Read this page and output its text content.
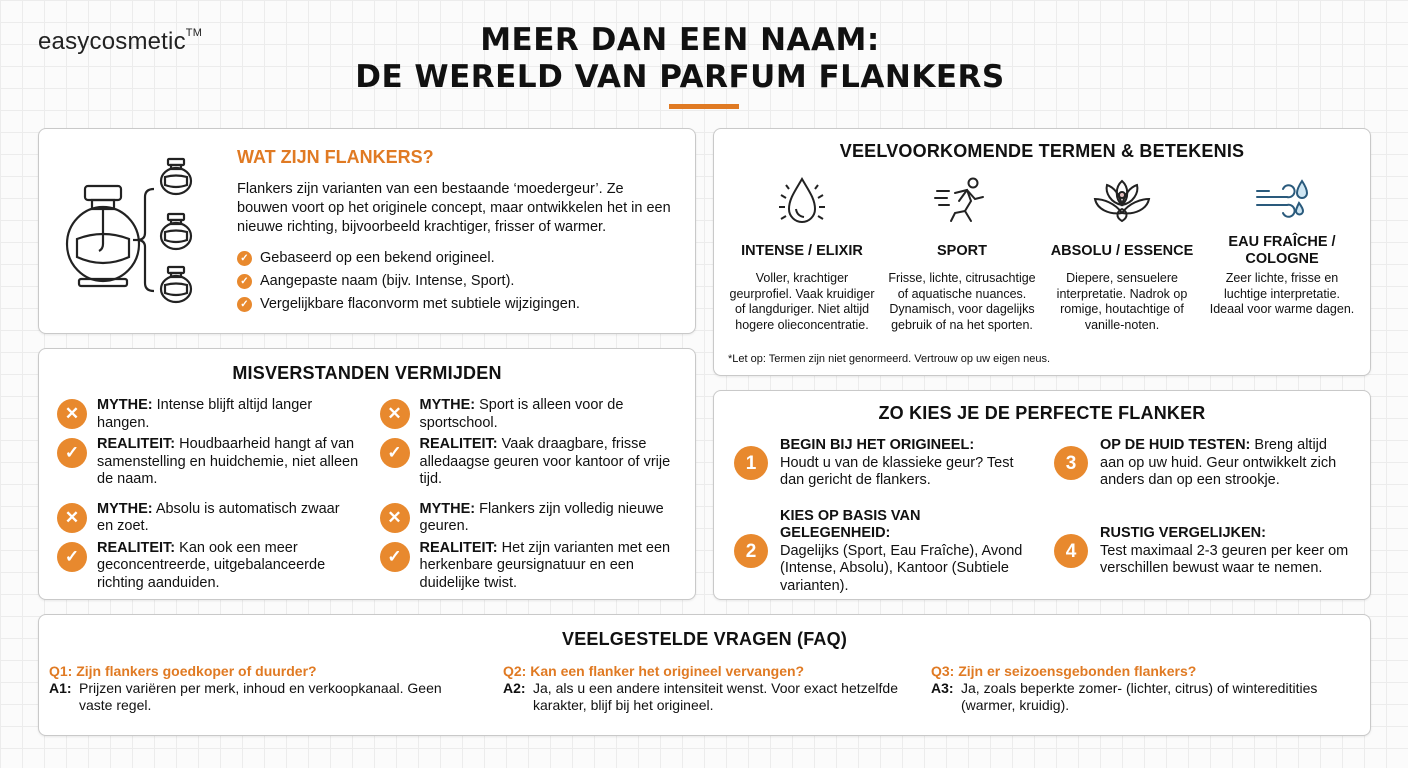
easycosmetic™	MEER DAN EEN NAAM:
DE WERELD VAN PARFUM FLANKERS
WAT ZIJN FLANKERS?

Flankers zijn varianten van een bestaande ‘moedergeur’. Ze bouwen voort op het originele concept, maar ontwikkelen het in een nieuwe richting, bijvoorbeeld krachtiger, frisser of warmer.

✓ Gebaseerd op een bekend origineel.
✓ Aangepaste naam (bijv. Intense, Sport).
✓ Vergelijkbare flaconvorm met subtiele wijzigingen.
VEELVOORKOMENDE TERMEN & BETEKENIS
INTENSE / ELIXIR
Voller, krachtiger geurprofiel. Vaak kruidiger of langduriger. Niet altijd hogere olieconcentratie.
SPORT
Frisse, lichte, citrusachtige of aquatische nuances. Dynamisch, voor dagelijks gebruik of na het sporten.
ABSOLU / ESSENCE
Diepere, sensuelere interpretatie. Nadrok op romige, houtachtige of vanille-noten.
EAU FRAÎCHE / COLOGNE
Zeer lichte, frisse en luchtige interpretatie. Ideaal voor warme dagen.
*Let op: Termen zijn niet genormeerd. Vertrouw op uw eigen neus.
MISVERSTANDEN VERMIJDEN
✕	MYTHE: Intense blijft altijd langer hangen.
✓	REALITEIT: Houdbaarheid hangt af van samenstelling en huidchemie, niet alleen de naam.
✕	MYTHE: Absolu is automatisch zwaar en zoet.
✓	REALITEIT: Kan ook een meer geconcentreerde, uitgebalanceerde richting aanduiden.
✕	MYTHE: Sport is alleen voor de sportschool.
✓	REALITEIT: Vaak draagbare, frisse alledaagse geuren voor kantoor of vrije tijd.
✕	MYTHE: Flankers zijn volledig nieuwe geuren.
✓	REALITEIT: Het zijn varianten met een herkenbare geursignatuur en een duidelijke twist.
ZO KIES JE DE PERFECTE FLANKER
1
BEGIN BIJ HET ORIGINEEL:
Houdt u van de klassieke geur? Test dan gericht de flankers.
3
OP DE HUID TESTEN: Breng altijd aan op uw huid. Geur ontwikkelt zich anders dan op een strookje.
2
KIES OP BASIS VAN GELEGENHEID:
Dagelijks (Sport, Eau Fraîche), Avond (Intense, Absolu), Kantoor (Subtiele varianten).
4
RUSTIG VERGELIJKEN:
Test maximaal 2-3 geuren per keer om verschillen bewust waar te nemen.
VEELGESTELDE VRAGEN (FAQ)
Q1: Zijn flankers goedkoper of duurder?
A1: Prijzen variëren per merk, inhoud en verkoopkanaal. Geen vaste regel.
Q2: Kan een flanker het origineel vervangen?
A2: Ja, als u een andere intensiteit wenst. Voor exact hetzelfde karakter, blijf bij het origineel.
Q3: Zijn er seizoensgebonden flankers?
A3: Ja, zoals beperkte zomer- (lichter, citrus) of wintereditities (warmer, kruidig).
